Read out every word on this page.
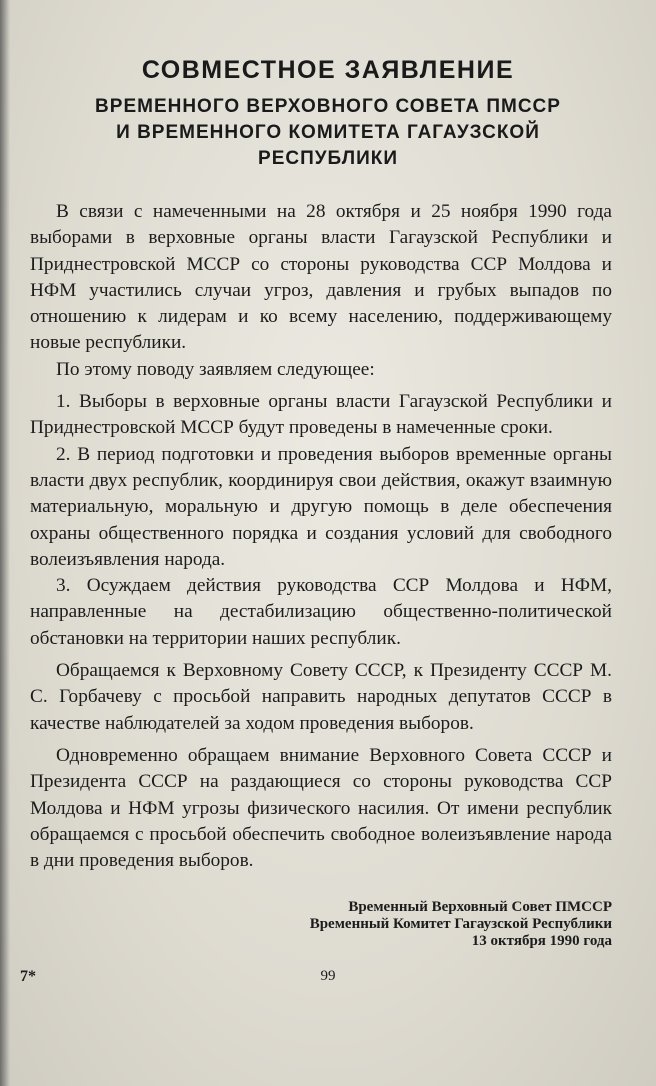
СОВМЕСТНОЕ ЗАЯВЛЕНИЕ
ВРЕМЕННОГО ВЕРХОВНОГО СОВЕТА ПМССР
И ВРЕМЕННОГО КОМИТЕТА ГАГАУЗСКОЙ
РЕСПУБЛИКИ

В связи с намеченными на 28 октября и 25 ноября 1990 года выборами в верховные органы власти Гагаузской Республики и Приднестровской МССР со стороны руководства ССР Молдова и НФМ участились случаи угроз, давления и грубых выпадов по отношению к лидерам и ко всему населению, поддерживающему новые республики.

По этому поводу заявляем следующее:

1. Выборы в верховные органы власти Гагаузской Республики и Приднестровской МССР будут проведены в намеченные сроки.

2. В период подготовки и проведения выборов временные органы власти двух республик, координируя свои действия, окажут взаимную материальную, моральную и другую помощь в деле обеспечения охраны общественного порядка и создания условий для свободного волеизъявления народа.

3. Осуждаем действия руководства ССР Молдова и НФМ, направленные на дестабилизацию общественно-политической обстановки на территории наших республик.

Обращаемся к Верховному Совету СССР, к Президенту СССР М. С. Горбачеву с просьбой направить народных депутатов СССР в качестве наблюдателей за ходом проведения выборов.

Одновременно обращаем внимание Верховного Совета СССР и Президента СССР на раздающиеся со стороны руководства ССР Молдова и НФМ угрозы физического насилия. От имени республик обращаемся с просьбой обеспечить свободное волеизъявление народа в дни проведения выборов.

Временный Верховный Совет ПМССР
Временный Комитет Гагаузской Республики
13 октября 1990 года
7*	99
